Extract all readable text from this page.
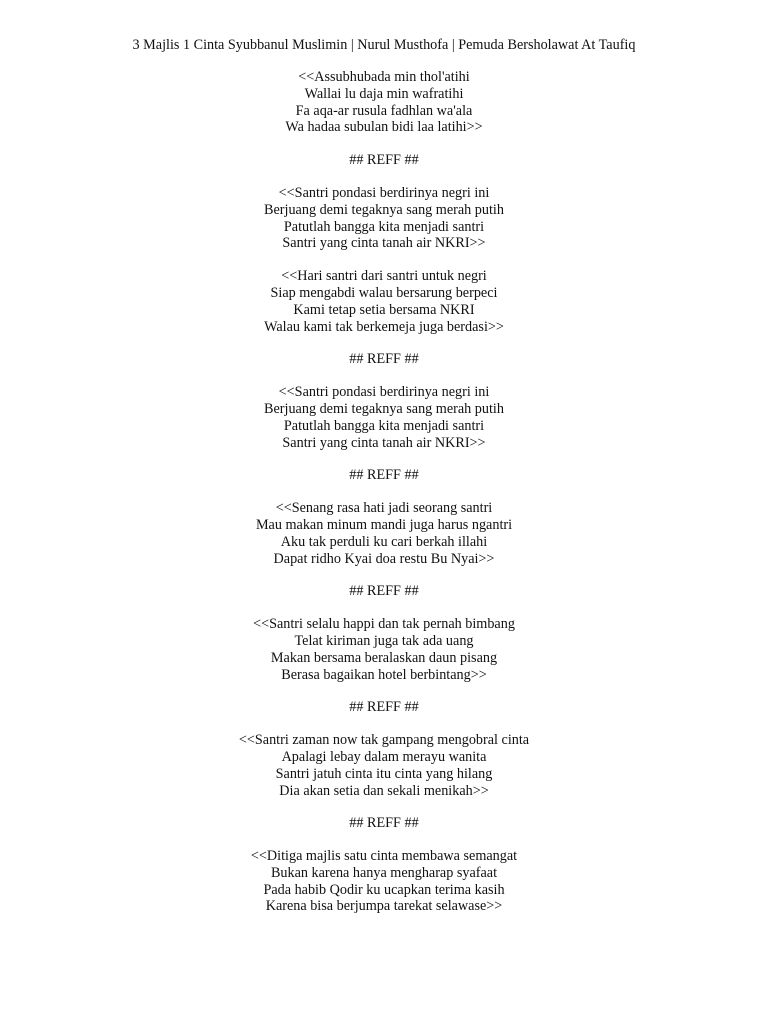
3 Majlis 1 Cinta Syubbanul Muslimin | Nurul Musthofa | Pemuda Bersholawat At Taufiq
<<Assubhubada min thol'atihi
Wallai lu daja min wafratihi
Fa aqa-ar rusula fadhlan wa'ala
Wa hadaa subulan bidi laa latihi>>
## REFF ##
<<Santri pondasi berdirinya negri ini
Berjuang demi tegaknya sang merah putih
Patutlah bangga kita menjadi santri
Santri yang cinta tanah air NKRI>>
<<Hari santri dari santri untuk negri
Siap mengabdi walau bersarung berpeci
Kami tetap setia bersama NKRI
Walau kami tak berkemeja juga berdasi>>
## REFF ##
<<Santri pondasi berdirinya negri ini
Berjuang demi tegaknya sang merah putih
Patutlah bangga kita menjadi santri
Santri yang cinta tanah air NKRI>>
## REFF ##
<<Senang rasa hati jadi seorang santri
Mau makan minum mandi juga harus ngantri
Aku tak perduli ku cari berkah illahi
Dapat ridho Kyai doa restu Bu Nyai>>
## REFF ##
<<Santri selalu happi dan tak pernah bimbang
Telat kiriman juga tak ada uang
Makan bersama beralaskan daun pisang
Berasa bagaikan hotel berbintang>>
## REFF ##
<<Santri zaman now tak gampang mengobral cinta
Apalagi lebay dalam merayu wanita
Santri jatuh cinta itu cinta yang hilang
Dia akan setia dan sekali menikah>>
## REFF ##
<<Ditiga majlis satu cinta membawa semangat
Bukan karena hanya mengharap syafaat
Pada habib Qodir ku ucapkan terima kasih
Karena bisa berjumpa tarekat selawase>>
